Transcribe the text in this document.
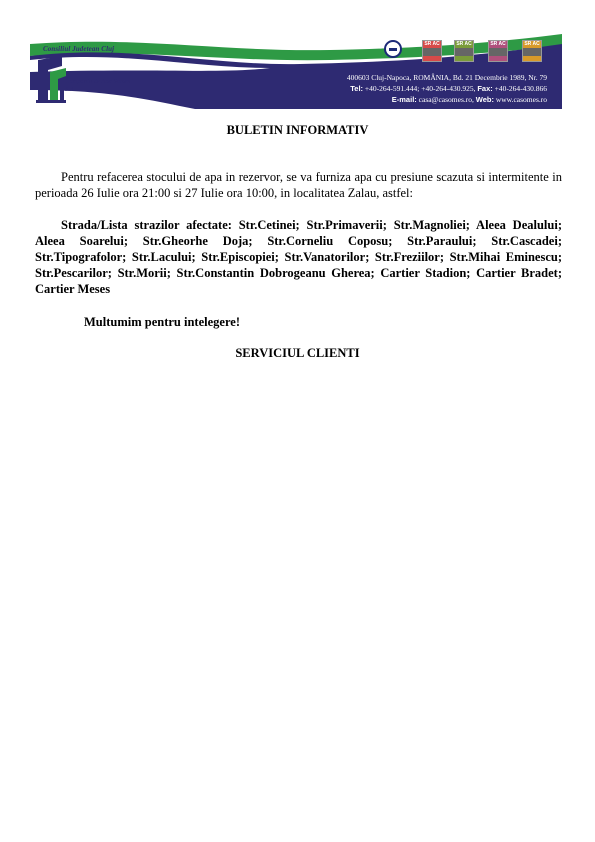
Consiliul Judetean Cluj
Compania de Apa Somes S.A
SR AC	SR AC	SR AC	SR AC
400603 Cluj-Napoca, ROMÂNIA, Bd. 21 Decembrie 1989, Nr. 79
Tel: +40-264-591.444; +40-264-430.925, Fax: +40-264-430.866
E-mail: casa@casomes.ro, Web: www.casomes.ro
BULETIN INFORMATIV

Pentru refacerea stocului de apa in rezervor, se va furniza apa cu presiune scazuta si intermitente in perioada 26 Iulie ora 21:00 si 27 Iulie ora 10:00, in localitatea Zalau, astfel:

Strada/Lista strazilor afectate: Str.Cetinei; Str.Primaverii; Str.Magnoliei; Aleea Dealului; Aleea Soarelui; Str.Gheorhe Doja; Str.Corneliu Coposu; Str.Paraului; Str.Cascadei; Str.Tipografolor; Str.Lacului; Str.Episcopiei; Str.Vanatorilor; Str.Freziilor; Str.Mihai Eminescu; Str.Pescarilor; Str.Morii; Str.Constantin Dobrogeanu Gherea; Cartier Stadion; Cartier Bradet; Cartier Meses

Multumim pentru intelegere!

SERVICIUL CLIENTI
